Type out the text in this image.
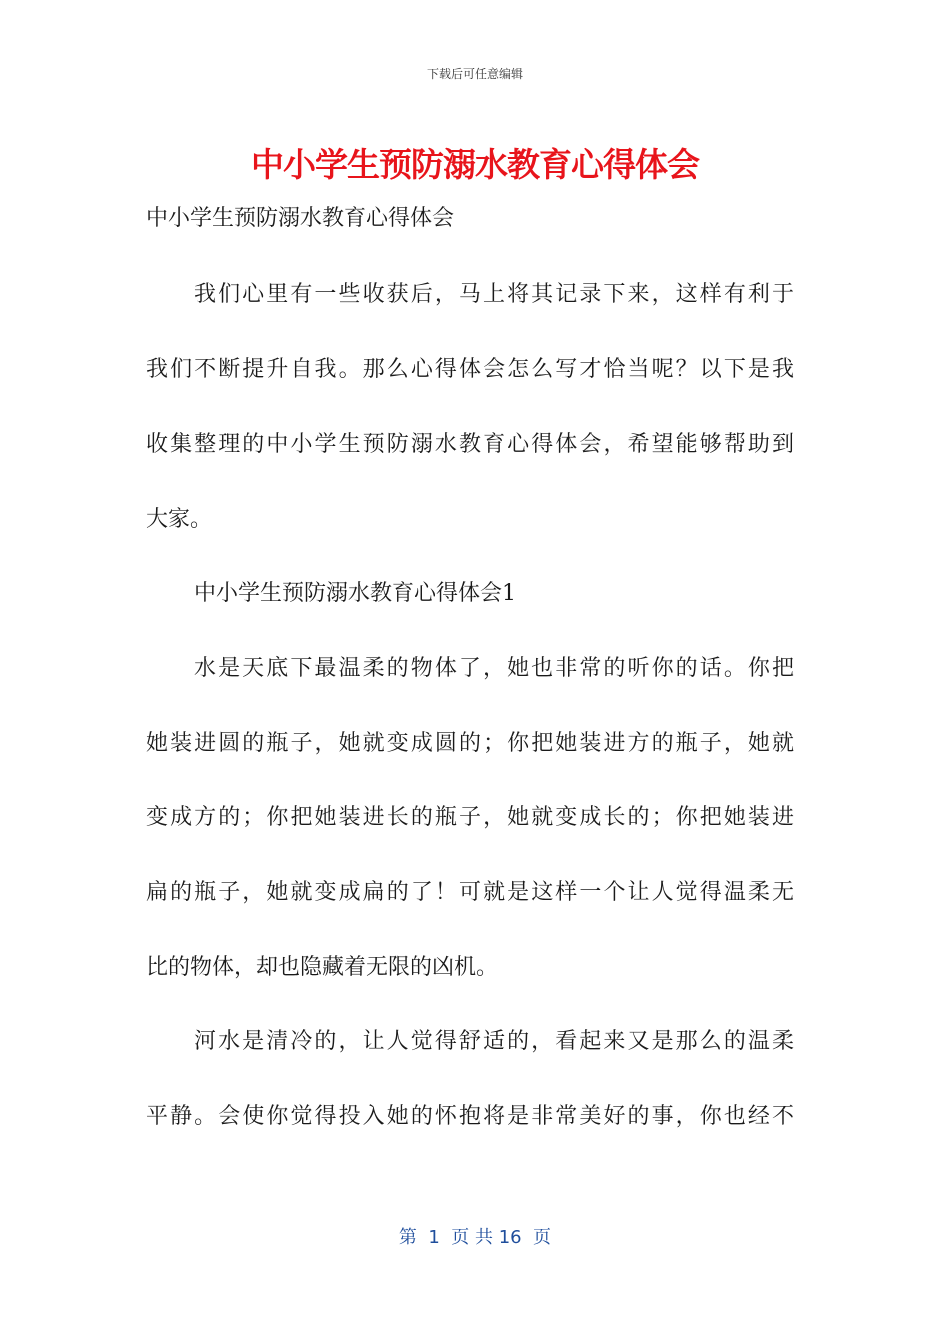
下载后可任意编辑
中小学生预防溺水教育心得体会
中小学生预防溺水教育心得体会
我们心里有一些收获后，马上将其记录下来，这样有利于
我们不断提升自我。那么心得体会怎么写才恰当呢？以下是我
收集整理的中小学生预防溺水教育心得体会，希望能够帮助到
大家。
中小学生预防溺水教育心得体会1
水是天底下最温柔的物体了，她也非常的听你的话。你把
她装进圆的瓶子，她就变成圆的；你把她装进方的瓶子，她就
变成方的；你把她装进长的瓶子，她就变成长的；你把她装进
扁的瓶子，她就变成扁的了！可就是这样一个让人觉得温柔无
比的物体，却也隐藏着无限的凶机。
河水是清冷的，让人觉得舒适的，看起来又是那么的温柔
平静。会使你觉得投入她的怀抱将是非常美好的事，你也经不
第  1  页 共 16  页
